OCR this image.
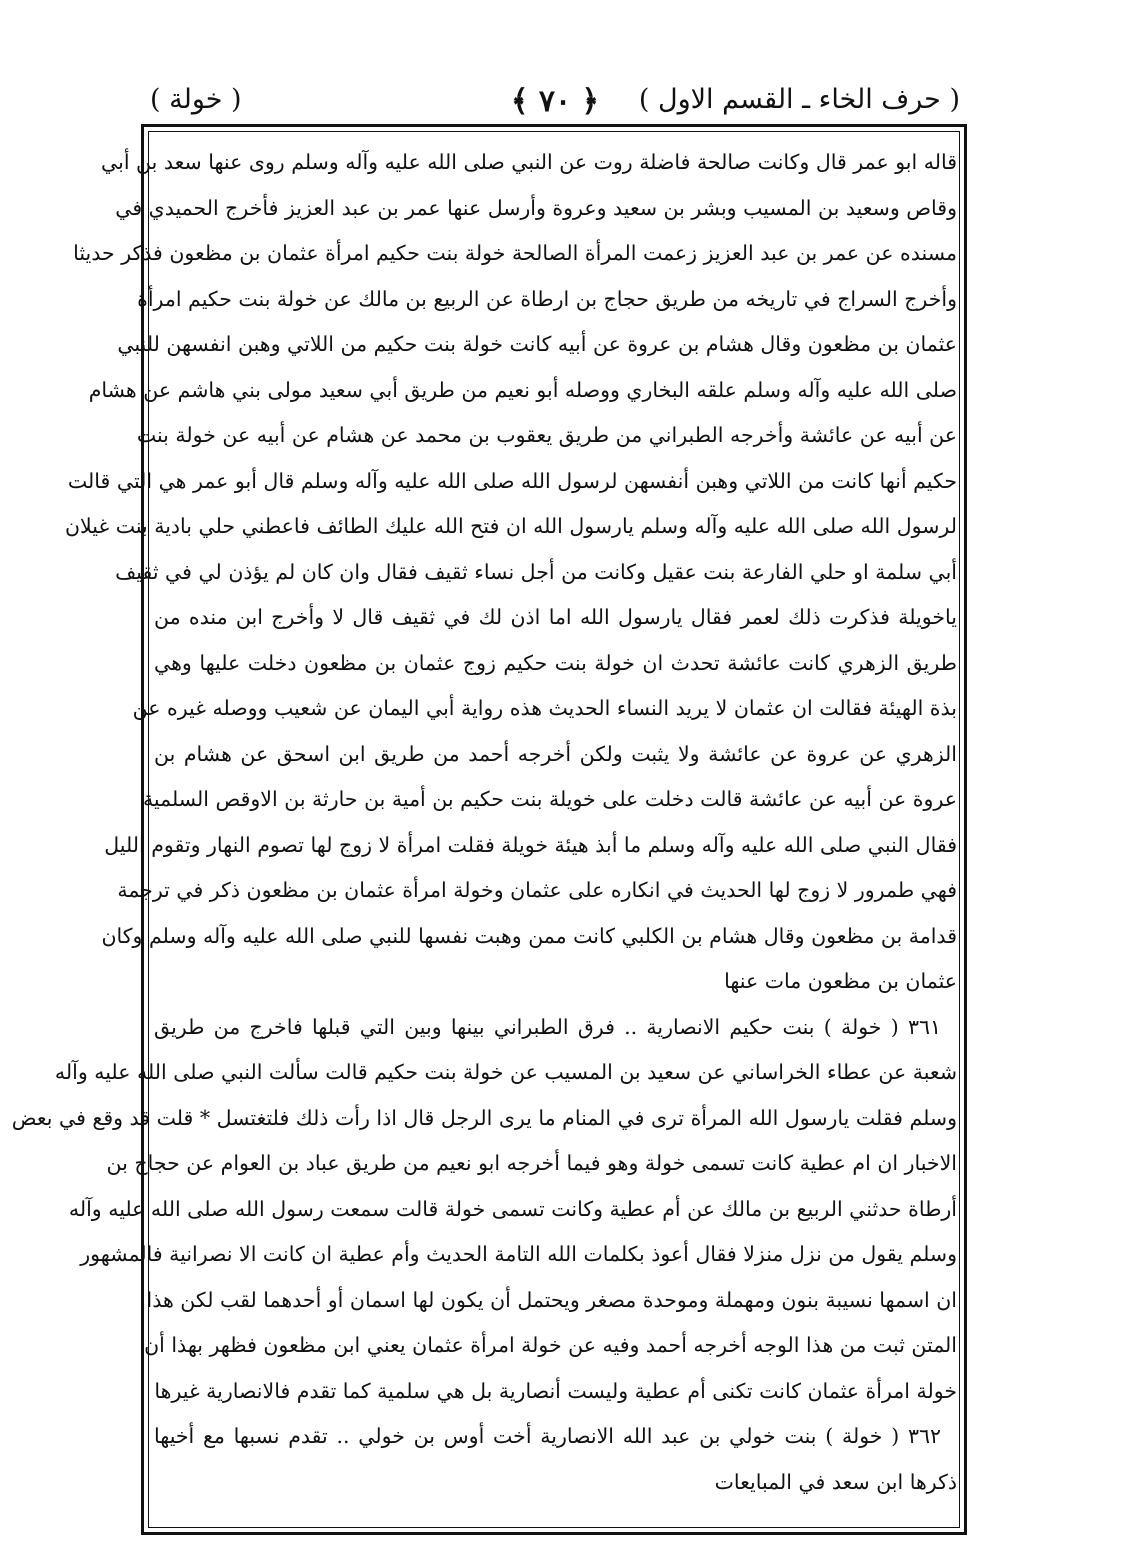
( حرف الخاء ـ القسم الاول )
﴿ ٧٠ ﴾
( خولة )
قاله ابو عمر قال وكانت صالحة فاضلة روت عن النبي صلى الله عليه وآله وسلم روى عنها سعد بن أبي
وقاص وسعيد بن المسيب وبشر بن سعيد وعروة وأرسل عنها عمر بن عبد العزيز فأخرج الحميدي في
مسنده عن عمر بن عبد العزيز زعمت المرأة الصالحة خولة بنت حكيم امرأة عثمان بن مظعون فذكر حديثا
وأخرج السراج في تاريخه من طريق حجاج بن ارطاة عن الربيع بن مالك عن خولة بنت حكيم امرأة
عثمان بن مظعون وقال هشام بن عروة عن أبيه كانت خولة بنت حكيم من اللاتي وهبن انفسهن للنبي
صلى الله عليه وآله وسلم علقه البخاري ووصله أبو نعيم من طريق أبي سعيد مولى بني هاشم عن هشام
عن أبيه عن عائشة وأخرجه الطبراني من طريق يعقوب بن محمد عن هشام عن أبيه عن خولة بنت
حكيم أنها كانت من اللاتي وهبن أنفسهن لرسول الله صلى الله عليه وآله وسلم قال أبو عمر هي التي قالت
لرسول الله صلى الله عليه وآله وسلم يارسول الله ان فتح الله عليك الطائف فاعطني حلي بادية بنت غيلان
أبي سلمة او حلي الفارعة بنت عقيل وكانت من أجل نساء ثقيف فقال وان كان لم يؤذن لي في ثقيف
ياخويلة فذكرت ذلك لعمر فقال يارسول الله اما اذن لك في ثقيف قال لا وأخرج ابن منده من
طريق الزهري كانت عائشة تحدث ان خولة بنت حكيم زوج عثمان بن مظعون دخلت عليها وهي
بذة الهيئة فقالت ان عثمان لا يريد النساء الحديث هذه رواية أبي اليمان عن شعيب ووصله غيره عن
الزهري عن عروة عن عائشة ولا يثبت ولكن أخرجه أحمد من طريق ابن اسحق عن هشام بن
عروة عن أبيه عن عائشة قالت دخلت على خويلة بنت حكيم بن أمية بن حارثة بن الاوقص السلمية
فقال النبي صلى الله عليه وآله وسلم ما أبذ هيئة خويلة فقلت امرأة لا زوج لها تصوم النهار وتقوم الليل
فهي طمرور لا زوج لها الحديث في انكاره على عثمان وخولة امرأة عثمان بن مظعون ذكر في ترجمة
قدامة بن مظعون وقال هشام بن الكلبي كانت ممن وهبت نفسها للنبي صلى الله عليه وآله وسلم وكان
عثمان بن مظعون مات عنها
٣٦١ ( خولة ) بنت حكيم الانصارية .. فرق الطبراني بينها وبين التي قبلها فاخرج من طريق
شعبة عن عطاء الخراساني عن سعيد بن المسيب عن خولة بنت حكيم قالت سألت النبي صلى الله عليه وآله
وسلم فقلت يارسول الله المرأة ترى في المنام ما يرى الرجل قال اذا رأت ذلك فلتغتسل * قلت قد وقع في بعض
الاخبار ان ام عطية كانت تسمى خولة وهو فيما أخرجه ابو نعيم من طريق عباد بن العوام عن حجاج بن
أرطاة حدثني الربيع بن مالك عن أم عطية وكانت تسمى خولة قالت سمعت رسول الله صلى الله عليه وآله
وسلم يقول من نزل منزلا فقال أعوذ بكلمات الله التامة الحديث وأم عطية ان كانت الا نصرانية فالمشهور
ان اسمها نسيبة بنون ومهملة وموحدة مصغر ويحتمل أن يكون لها اسمان أو أحدهما لقب لكن هذا
المتن ثبت من هذا الوجه أخرجه أحمد وفيه عن خولة امرأة عثمان يعني ابن مظعون فظهر بهذا أن
خولة امرأة عثمان كانت تكنى أم عطية وليست أنصارية بل هي سلمية كما تقدم فالانصارية غيرها
٣٦٢ ( خولة ) بنت خولي بن عبد الله الانصارية أخت أوس بن خولي .. تقدم نسبها مع أخيها
ذكرها ابن سعد في المبايعات
